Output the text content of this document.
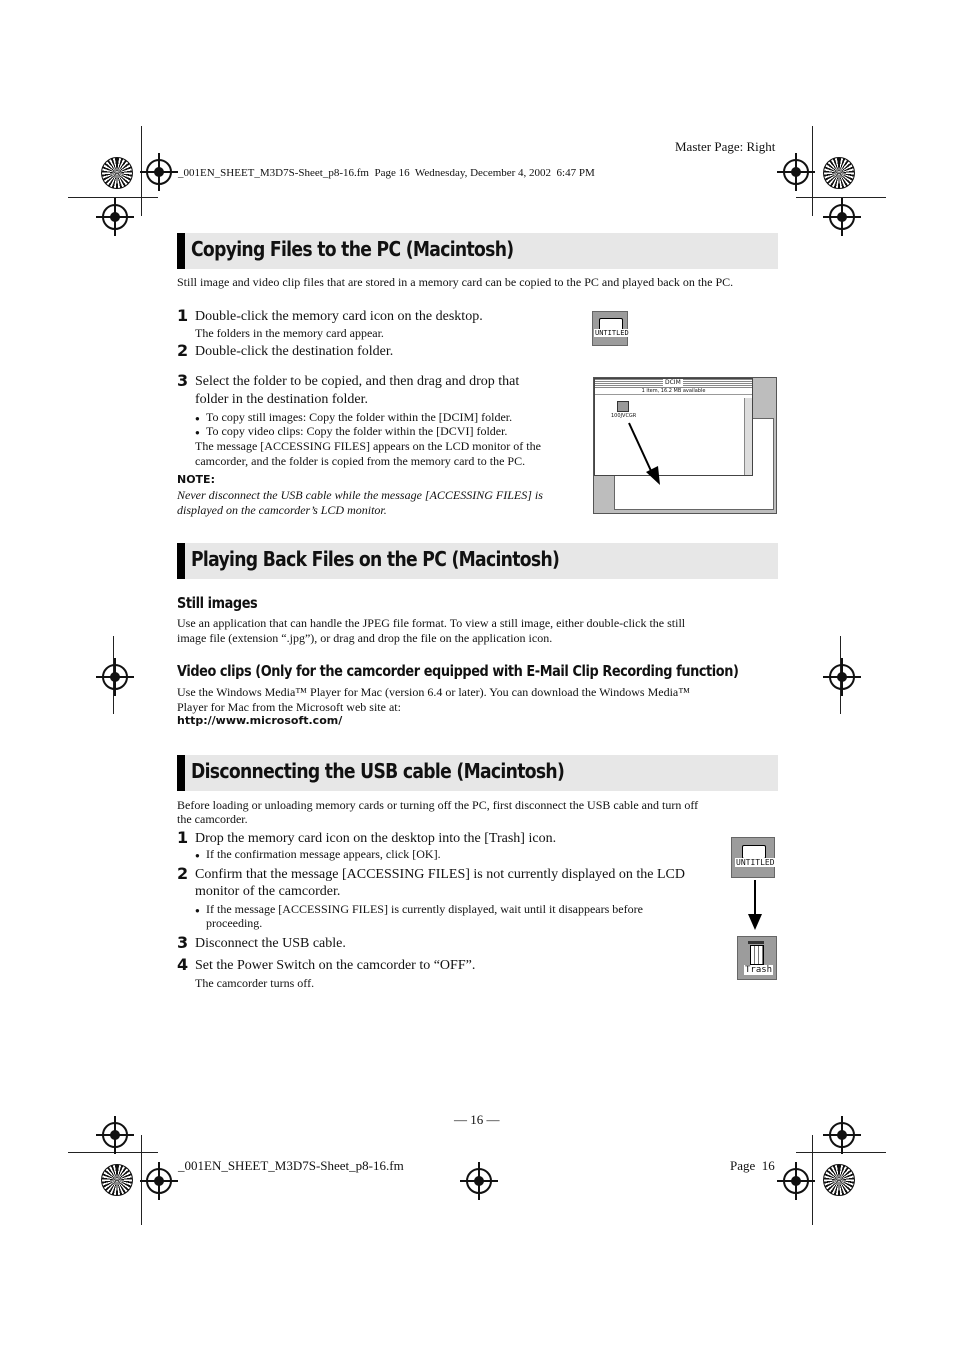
Master Page: Right
_001EN_SHEET_M3D7S-Sheet_p8-16.fm  Page 16  Wednesday, December 4, 2002  6:47 PM
Copying Files to the PC (Macintosh)
Still image and video clip files that are stored in a memory card can be copied to the PC and played back on the PC.
1 Double-click the memory card icon on the desktop.
The folders in the memory card appear.
2 Double-click the destination folder.
3 Select the folder to be copied, and then drag and drop that
folder in the destination folder.
● To copy still images: Copy the folder within the [DCIM] folder.
● To copy video clips: Copy the folder within the [DCVI] folder.
The message [ACCESSING FILES] appears on the LCD monitor of the
camcorder, and the folder is copied from the memory card to the PC.
NOTE:
Never disconnect the USB cable while the message [ACCESSING FILES] is
displayed on the camcorder’s LCD monitor.
UNTITLED
DCIM
1 item, 16.2 MB available
100JVCGR
Playing Back Files on the PC (Macintosh)
Still images
Use an application that can handle the JPEG file format. To view a still image, either double-click the still
image file (extension “.jpg”), or drag and drop the file on the application icon.
Video clips (Only for the camcorder equipped with E-Mail Clip Recording function)
Use the Windows Media™ Player for Mac (version 6.4 or later). You can download the Windows Media™
Player for Mac from the Microsoft web site at:
http://www.microsoft.com/
Disconnecting the USB cable (Macintosh)
Before loading or unloading memory cards or turning off the PC, first disconnect the USB cable and turn off
the camcorder.
1 Drop the memory card icon on the desktop into the [Trash] icon.
● If the confirmation message appears, click [OK].
2 Confirm that the message [ACCESSING FILES] is not currently displayed on the LCD
monitor of the camcorder.
● If the message [ACCESSING FILES] is currently displayed, wait until it disappears before
proceeding.
3 Disconnect the USB cable.
4 Set the Power Switch on the camcorder to “OFF”.
The camcorder turns off.
UNTITLED
Trash
— 16 —
_001EN_SHEET_M3D7S-Sheet_p8-16.fm	Page  16
